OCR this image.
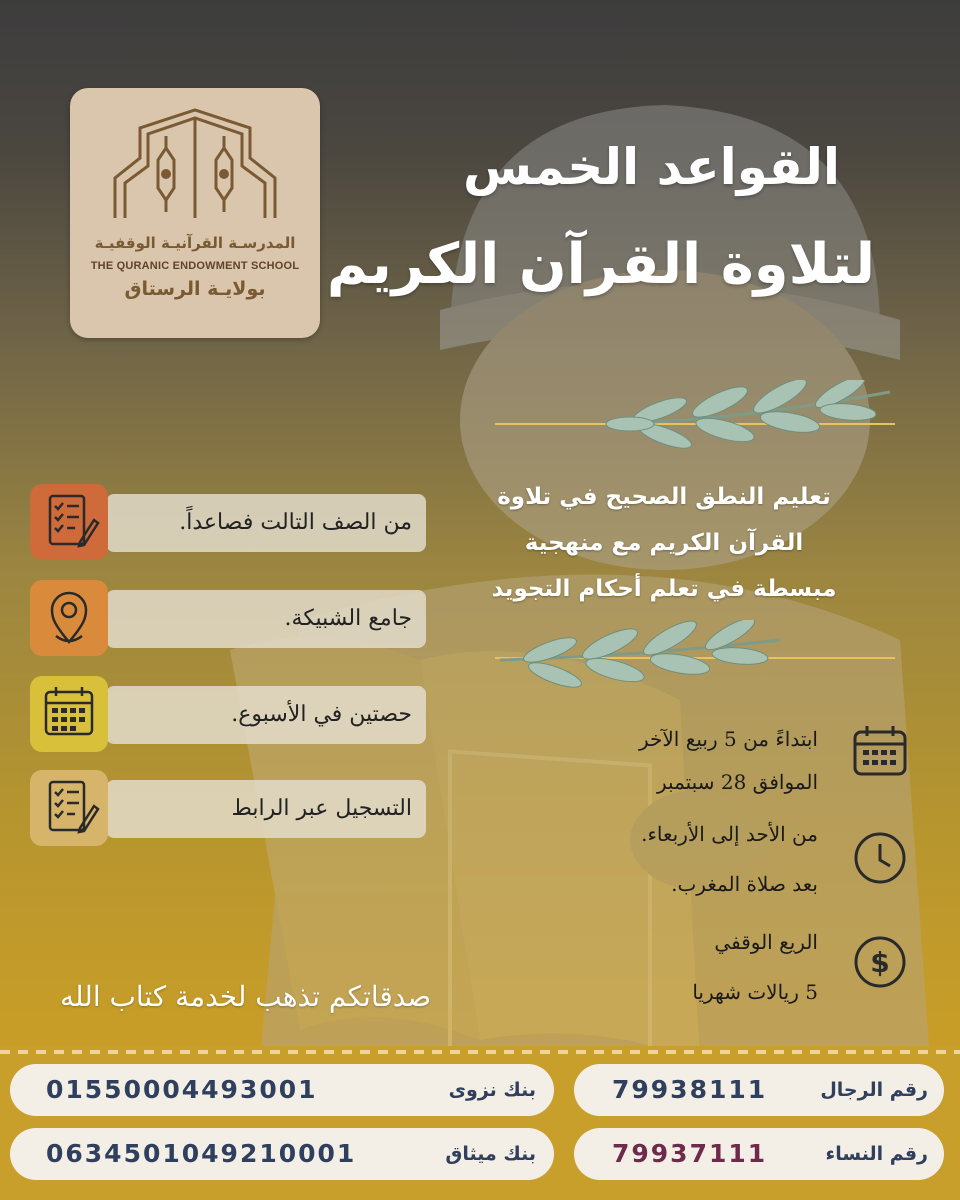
المدرسـة القرآنيـة الوقفيـة
THE QURANIC ENDOWMENT SCHOOL
بولايـة الرستاق
القواعد الخمس
لتلاوة القرآن الكريم
تعليم النطق الصحيح في تلاوة
القرآن الكريم مع منهجية
مبسطة في تعلم أحكام التجويد
من الصف التالت فصاعداً.
جامع الشبيكة.
حصتين في الأسبوع.
التسجيل عبر الرابط
ابتداءً من 5 ربيع الآخر
الموافق 28 سبتمبر
من الأحد إلى الأربعاء.
بعد صلاة المغرب.
$
الريع الوقفي
5 ريالات شهريا
صدقاتكم تذهب لخدمة كتاب الله
رقم الرجال
79938111
رقم النساء
79937111
بنك نزوى
01550004493001
بنك ميثاق
0634501049210001
